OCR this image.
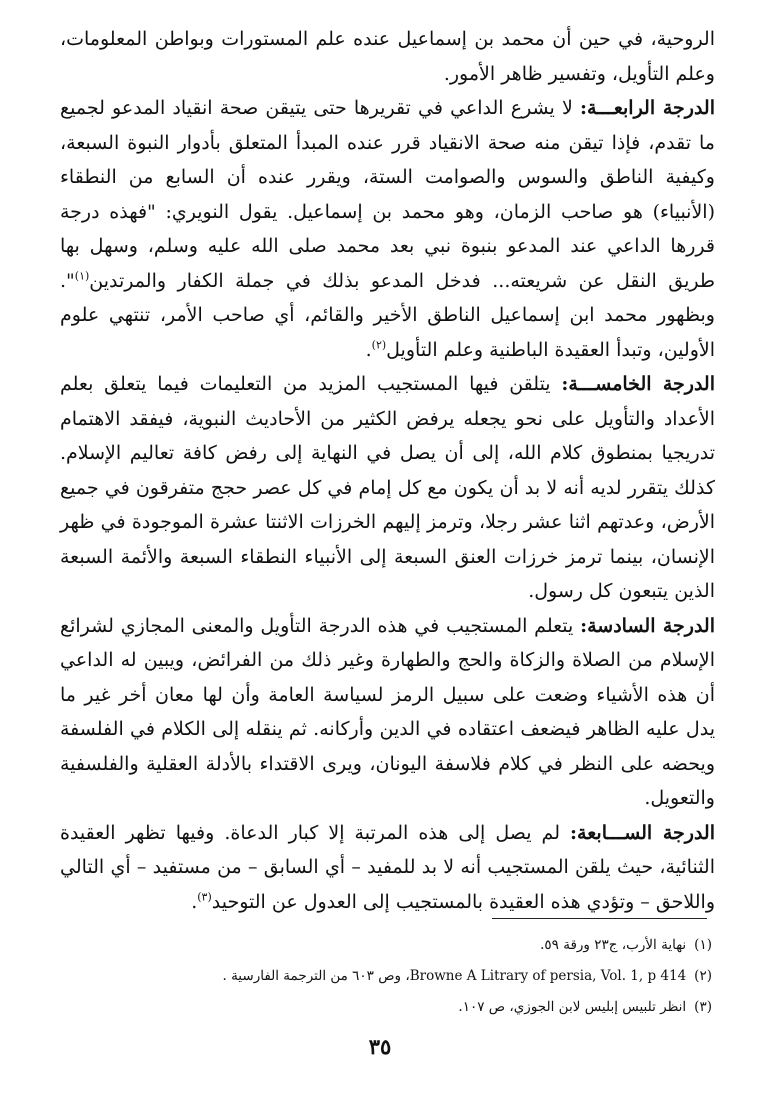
الروحية، في حين أن محمد بن إسماعيل عنده علم المستورات وبواطن المعلومات، وعلم التأويل، وتفسير ظاهر الأمور.

الدرجة الرابعـــة: لا يشرع الداعي في تقريرها حتى يتيقن صحة انقياد المدعو لجميع ما تقدم، فإذا تيقن منه صحة الانقياد قرر عنده المبدأ المتعلق بأدوار النبوة السبعة، وكيفية الناطق والسوس والصوامت الستة، ويقرر عنده أن السابع من النطقاء (الأنبياء) هو صاحب الزمان، وهو محمد بن إسماعيل. يقول النويري: "فهذه درجة قررها الداعي عند المدعو بنبوة نبي بعد محمد صلى الله عليه وسلم، وسهل بها طريق النقل عن شريعته... فدخل المدعو بذلك في جملة الكفار والمرتدين$^{(١)}$". وبظهور محمد ابن إسماعيل الناطق الأخير والقائم، أي صاحب الأمر، تنتهي علوم الأولين، وتبدأ العقيدة الباطنية وعلم التأويل$^{(٢)}$.

الدرجة الخامســـة: يتلقن فيها المستجيب المزيد من التعليمات فيما يتعلق بعلم الأعداد والتأويل على نحو يجعله يرفض الكثير من الأحاديث النبوية، فيفقد الاهتمام تدريجيا بمنطوق كلام الله، إلى أن يصل في النهاية إلى رفض كافة تعاليم الإسلام. كذلك يتقرر لديه أنه لا بد أن يكون مع كل إمام في كل عصر حجج متفرقون في جميع الأرض، وعدتهم اثنا عشر رجلا، وترمز إليهم الخرزات الاثنتا عشرة الموجودة في ظهر الإنسان، بينما ترمز خرزات العنق السبعة إلى الأنبياء النطقاء السبعة والأئمة السبعة الذين يتبعون كل رسول.

الدرجة السادسة: يتعلم المستجيب في هذه الدرجة التأويل والمعنى المجازي لشرائع الإسلام من الصلاة والزكاة والحج والطهارة وغير ذلك من الفرائض، ويبين له الداعي أن هذه الأشياء وضعت على سبيل الرمز لسياسة العامة وأن لها معان أخر غير ما يدل عليه الظاهر فيضعف اعتقاده في الدين وأركانه. ثم ينقله إلى الكلام في الفلسفة ويحضه على النظر في كلام فلاسفة اليونان، ويرى الاقتداء بالأدلة العقلية والفلسفية والتعويل.

الدرجة الســـابعة: لم يصل إلى هذه المرتبة إلا كبار الدعاة. وفيها تظهر العقيدة الثنائية، حيث يلقن المستجيب أنه لا بد للمفيد – أي السابق – من مستفيد – أي التالي واللاحق – وتؤدي هذه العقيدة بالمستجيب إلى العدول عن التوحيد$^{(٣)}$.

(١)نهاية الأرب، ج٢٣ ورقة ٥٩.

(٢)Browne A Litrary of persia, Vol. 1, p 414، وص ٦٠٣ من الترجمة الفارسية .

(٣)انظر تلبيس إبليس لابن الجوزي، ص ١٠٧.

٣٥
